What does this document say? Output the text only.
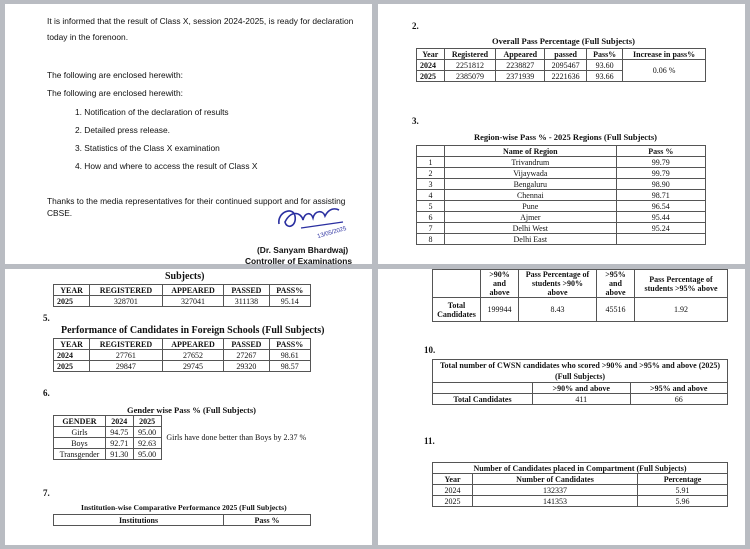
It is informed that the result of Class X, session 2024-2025, is ready for declaration
today in the forenoon.
The following are enclosed herewith:
The following are enclosed herewith:
1. Notification of the declaration of results
2. Detailed press release.
3. Statistics of the Class X examination
4. How and where to access the result of Class X
Thanks to the media representatives for their continued support and for assisting
CBSE.
13/05/2025
(Dr. Sanyam Bhardwaj)
Controller of Examinations
2.
Overall Pass Percentage (Full Subjects)
Year	Registered	Appeared	passed	Pass%	Increase in pass%
2024	2251812	2238827	2095467	93.60	0.06 %
2025	2385079	2371939	2221636	93.66	
3.
Region-wise Pass % - 2025 Regions (Full Subjects)
	Name of Region	Pass %
1	Trivandrum	99.79
2	Vijaywada	99.79
3	Bengaluru	98.90
4	Chennai	98.71
5	Pune	96.54
6	Ajmer	95.44
7	Delhi West	95.24
8	Delhi East	
Subjects)
YEAR	REGISTERED	APPEARED	PASSED	PASS%
2025	328701	327041	311138	95.14
5.
Performance of Candidates in Foreign Schools (Full Subjects)
YEAR	REGISTERED	APPEARED	PASSED	PASS%
2024	27761	27652	27267	98.61
2025	29847	29745	29320	98.57
6.
Gender wise Pass % (Full Subjects)
GENDER	2024	2025	Girls have done better than Boys by 2.37 %
Girls	94.75	95.00	
Boys	92.71	92.63	
Transgender	91.30	95.00	
7.
Institution-wise Comparative Performance 2025 (Full Subjects)
Institutions	Pass %
	>90% and above	Pass Percentage of students >90% above	>95% and above	Pass Percentage of students >95% above
Total Candidates	199944	8.43	45516	1.92
10.
Total number of CWSN candidates who scored >90% and >95% and above (2025)
(Full Subjects)		

	>90% and above	>95% and above
Total Candidates	411	66
11.
Number of Candidates placed in Compartment (Full Subjects)		
Year	Number of Candidates	Percentage
2024	132337	5.91
2025	141353	5.96
